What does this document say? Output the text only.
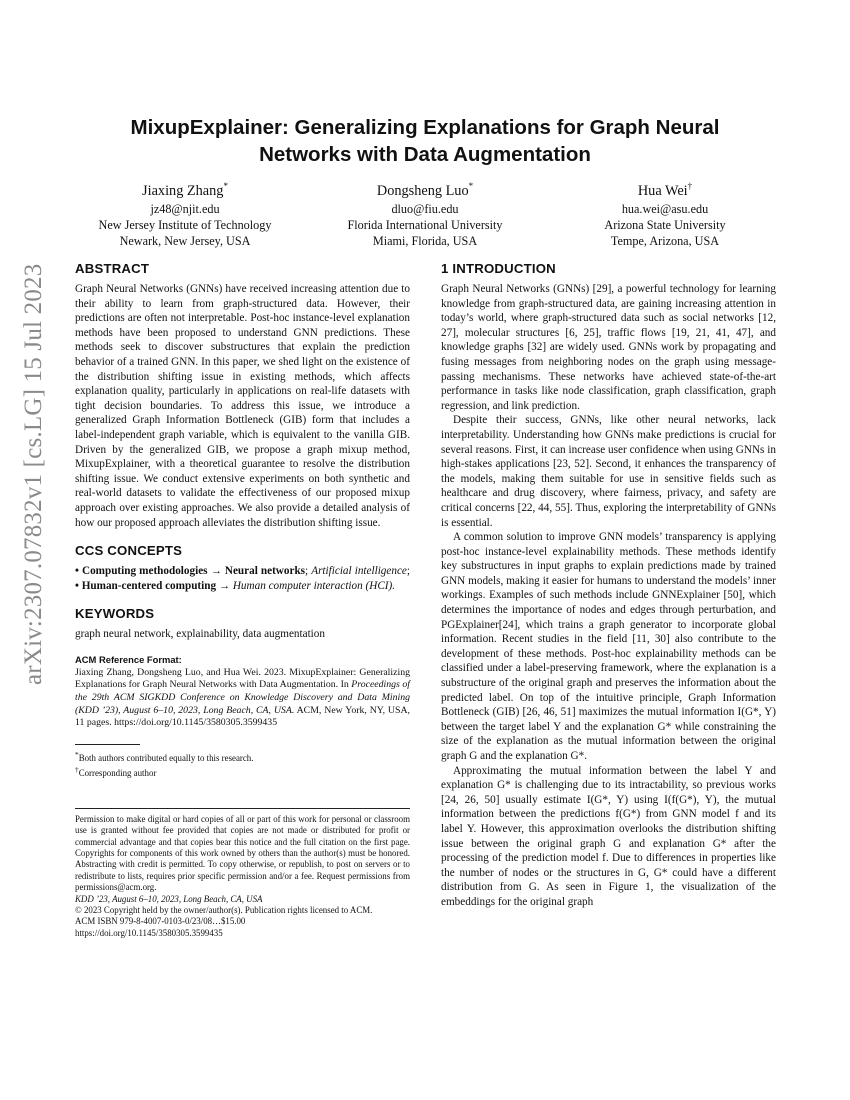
arXiv:2307.07832v1 [cs.LG] 15 Jul 2023
MixupExplainer: Generalizing Explanations for Graph Neural
Networks with Data Augmentation
Jiaxing Zhang*
jz48@njit.edu
New Jersey Institute of Technology
Newark, New Jersey, USA
Dongsheng Luo*
dluo@fiu.edu
Florida International University
Miami, Florida, USA
Hua Wei†
hua.wei@asu.edu
Arizona State University
Tempe, Arizona, USA
ABSTRACT

Graph Neural Networks (GNNs) have received increasing attention due to their ability to learn from graph-structured data. However, their predictions are often not interpretable. Post-hoc instance-level explanation methods have been proposed to understand GNN predictions. These methods seek to discover substructures that explain the prediction behavior of a trained GNN. In this paper, we shed light on the existence of the distribution shifting issue in existing methods, which affects explanation quality, particularly in applications on real-life datasets with tight decision boundaries. To address this issue, we introduce a generalized Graph Information Bottleneck (GIB) form that includes a label-independent graph variable, which is equivalent to the vanilla GIB. Driven by the generalized GIB, we propose a graph mixup method, MixupExplainer, with a theoretical guarantee to resolve the distribution shifting issue. We conduct extensive experiments on both synthetic and real-world datasets to validate the effectiveness of our proposed mixup approach over existing approaches. We also provide a detailed analysis of how our proposed approach alleviates the distribution shifting issue.

CCS CONCEPTS
• Computing methodologies → Neural networks; Artificial intelligence; • Human-centered computing → Human computer interaction (HCI).
KEYWORDS

graph neural network, explainability, data augmentation

ACM Reference Format:
Jiaxing Zhang, Dongsheng Luo, and Hua Wei. 2023. MixupExplainer: Generalizing Explanations for Graph Neural Networks with Data Augmentation. In Proceedings of the 29th ACM SIGKDD Conference on Knowledge Discovery and Data Mining (KDD ’23), August 6–10, 2023, Long Beach, CA, USA. ACM, New York, NY, USA, 11 pages. https://doi.org/10.1145/3580305.3599435
*Both authors contributed equally to this research.
†Corresponding author
Permission to make digital or hard copies of all or part of this work for personal or classroom use is granted without fee provided that copies are not made or distributed for profit or commercial advantage and that copies bear this notice and the full citation on the first page. Copyrights for components of this work owned by others than the author(s) must be honored. Abstracting with credit is permitted. To copy otherwise, or republish, to post on servers or to redistribute to lists, requires prior specific permission and/or a fee. Request permissions from permissions@acm.org.
KDD ’23, August 6–10, 2023, Long Beach, CA, USA
© 2023 Copyright held by the owner/author(s). Publication rights licensed to ACM.
ACM ISBN 979-8-4007-0103-0/23/08…$15.00
https://doi.org/10.1145/3580305.3599435
1 INTRODUCTION

Graph Neural Networks (GNNs) [29], a powerful technology for learning knowledge from graph-structured data, are gaining increasing attention in today’s world, where graph-structured data such as social networks [12, 27], molecular structures [6, 25], traffic flows [19, 21, 41, 47], and knowledge graphs [32] are widely used. GNNs work by propagating and fusing messages from neighboring nodes on the graph using message-passing mechanisms. These networks have achieved state-of-the-art performance in tasks like node classification, graph classification, graph regression, and link prediction.

Despite their success, GNNs, like other neural networks, lack interpretability. Understanding how GNNs make predictions is crucial for several reasons. First, it can increase user confidence when using GNNs in high-stakes applications [23, 52]. Second, it enhances the transparency of the models, making them suitable for use in sensitive fields such as healthcare and drug discovery, where fairness, privacy, and safety are critical concerns [22, 44, 55]. Thus, exploring the interpretability of GNNs is essential.

A common solution to improve GNN models’ transparency is applying post-hoc instance-level explainability methods. These methods identify key substructures in input graphs to explain predictions made by trained GNN models, making it easier for humans to understand the models’ inner workings. Examples of such methods include GNNExplainer [50], which determines the importance of nodes and edges through perturbation, and PGExplainer[24], which trains a graph generator to incorporate global information. Recent studies in the field [11, 30] also contribute to the development of these methods. Post-hoc explainability methods can be classified under a label-preserving framework, where the explanation is a substructure of the original graph and preserves the information about the predicted label. On top of the intuitive principle, Graph Information Bottleneck (GIB) [26, 46, 51] maximizes the mutual information I(G*, Y) between the target label Y and the explanation G* while constraining the size of the explanation as the mutual information between the original graph G and the explanation G*.

Approximating the mutual information between the label Y and explanation G* is challenging due to its intractability, so previous works [24, 26, 50] usually estimate I(G*, Y) using I(f(G*), Y), the mutual information between the predictions f(G*) from GNN model f and its label Y. However, this approximation overlooks the distribution shifting issue between the original graph G and explanation G* after the processing of the prediction model f. Due to differences in properties like the number of nodes or the structures in G, G* could have a different distribution from G. As seen in Figure 1, the visualization of the embeddings for the original graph
